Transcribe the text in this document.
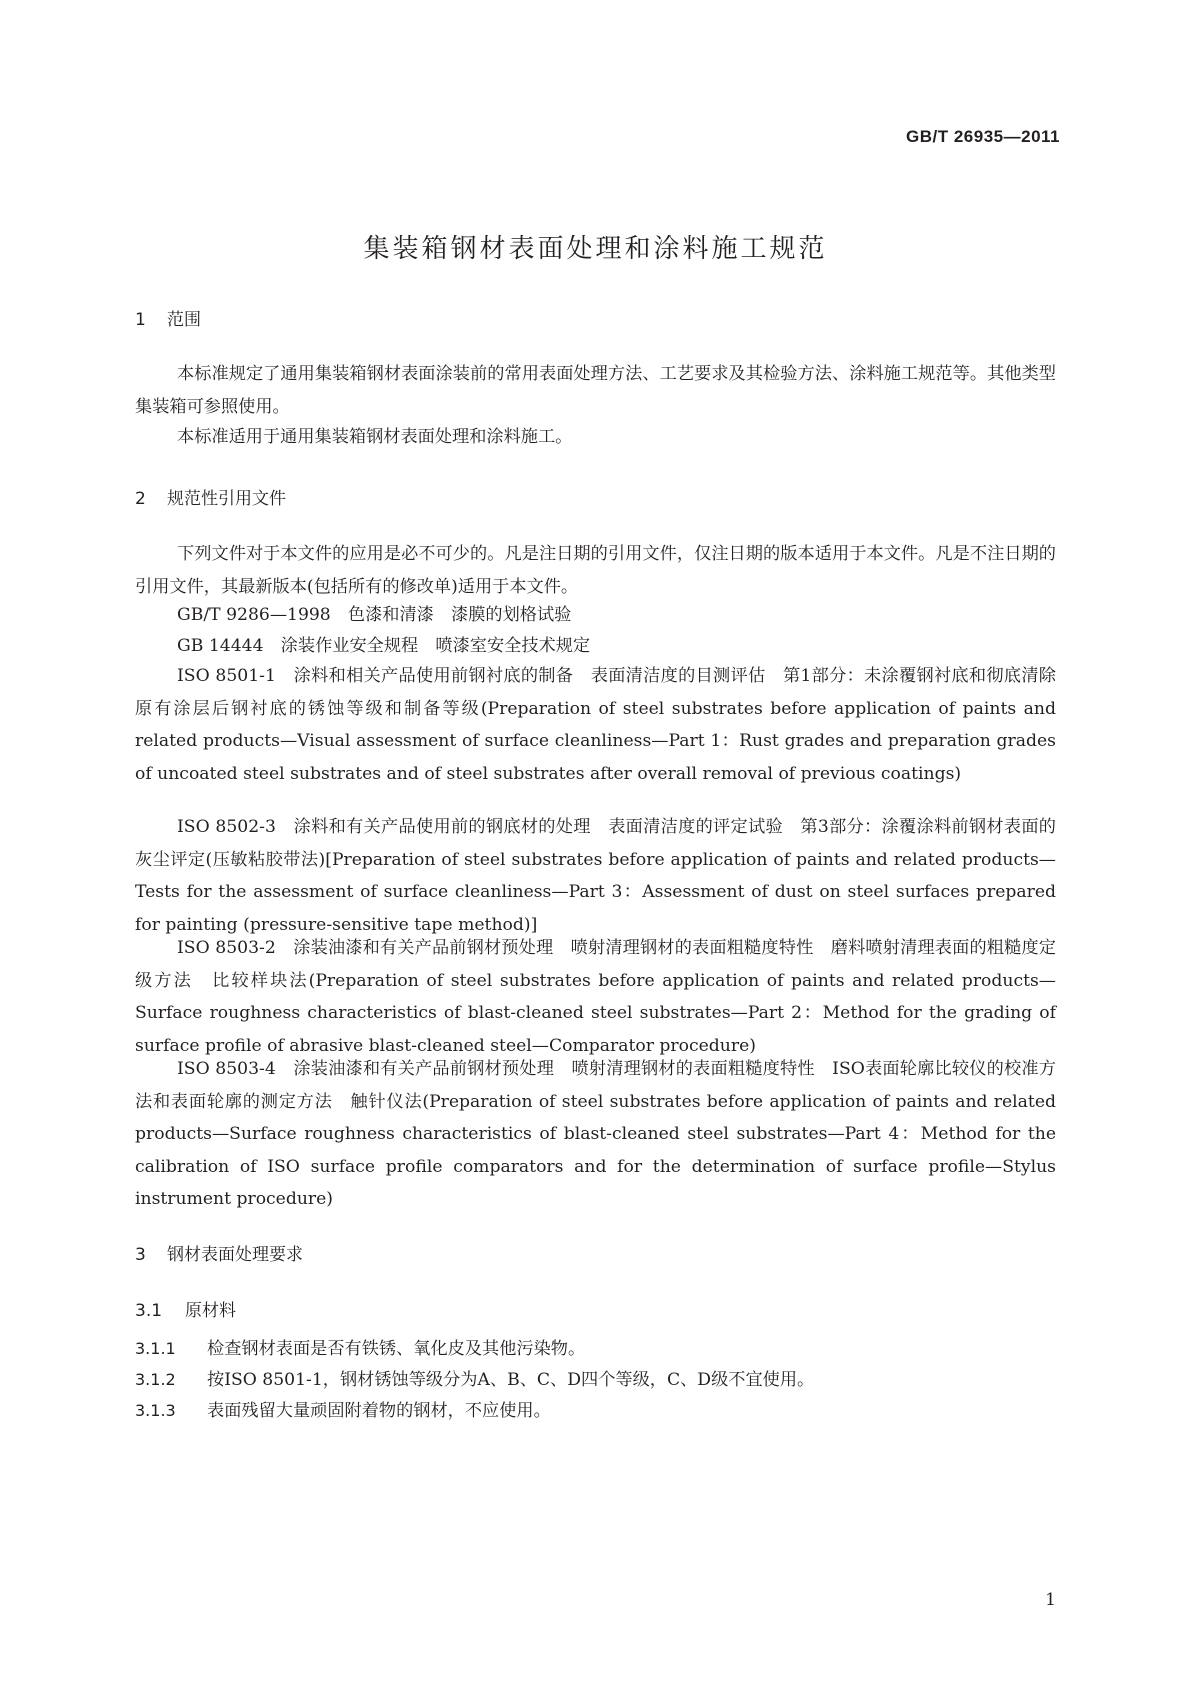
GB/T 26935—2011
集装箱钢材表面处理和涂料施工规范
1 范围

本标准规定了通用集装箱钢材表面涂装前的常用表面处理方法、工艺要求及其检验方法、涂料施工规范等。其他类型集装箱可参照使用。

本标准适用于通用集装箱钢材表面处理和涂料施工。

2 规范性引用文件

下列文件对于本文件的应用是必不可少的。凡是注日期的引用文件，仅注日期的版本适用于本文件。凡是不注日期的引用文件，其最新版本(包括所有的修改单)适用于本文件。

GB/T 9286—1998　色漆和清漆　漆膜的划格试验

GB 14444　涂装作业安全规程　喷漆室安全技术规定

ISO 8501-1　涂料和相关产品使用前钢衬底的制备　表面清洁度的目测评估　第1部分：未涂覆钢衬底和彻底清除原有涂层后钢衬底的锈蚀等级和制备等级(Preparation of steel substrates before application of paints and related products—Visual assessment of surface cleanliness—Part 1：Rust grades and preparation grades of uncoated steel substrates and of steel substrates after overall removal of previous coatings)

ISO 8502-3　涂料和有关产品使用前的钢底材的处理　表面清洁度的评定试验　第3部分：涂覆涂料前钢材表面的灰尘评定(压敏粘胶带法)[Preparation of steel substrates before application of paints and related products—Tests for the assessment of surface cleanliness—Part 3：Assessment of dust on steel surfaces prepared for painting (pressure-sensitive tape method)]

ISO 8503-2　涂装油漆和有关产品前钢材预处理　喷射清理钢材的表面粗糙度特性　磨料喷射清理表面的粗糙度定级方法　比较样块法(Preparation of steel substrates before application of paints and related products—Surface roughness characteristics of blast-cleaned steel substrates—Part 2：Method for the grading of surface profile of abrasive blast-cleaned steel—Comparator procedure)

ISO 8503-4　涂装油漆和有关产品前钢材预处理　喷射清理钢材的表面粗糙度特性　ISO表面轮廓比较仪的校准方法和表面轮廓的测定方法　触针仪法(Preparation of steel substrates before application of paints and related products—Surface roughness characteristics of blast-cleaned steel substrates—Part 4：Method for the calibration of ISO surface profile comparators and for the determination of surface profile—Stylus instrument procedure)

3 钢材表面处理要求
3.1 原材料
3.1.1 检查钢材表面是否有铁锈、氧化皮及其他污染物。
3.1.2 按ISO 8501-1，钢材锈蚀等级分为A、B、C、D四个等级，C、D级不宜使用。
3.1.3 表面残留大量顽固附着物的钢材，不应使用。
1
